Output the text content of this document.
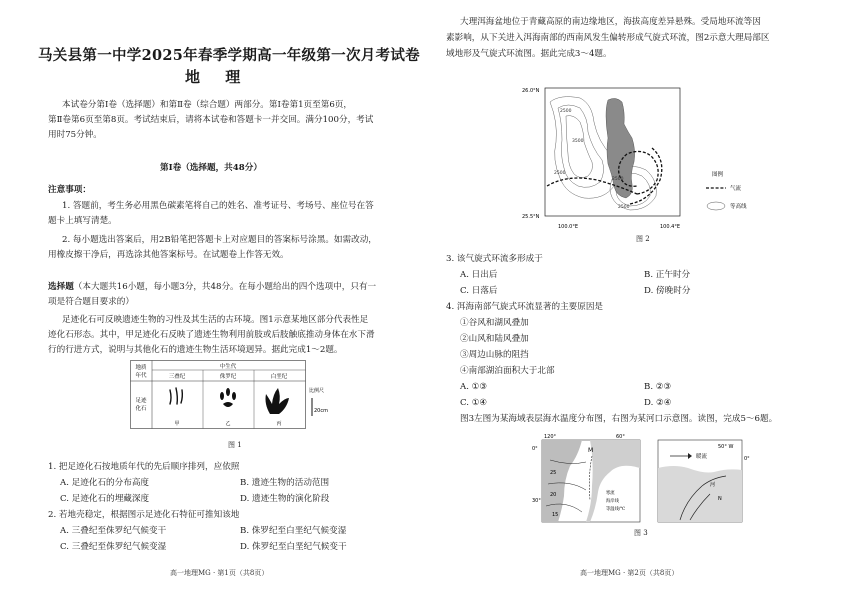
马关县第一中学2025年春季学期高一年级第一次月考试卷
地 理
本试卷分第Ⅰ卷（选择题）和第Ⅱ卷（综合题）两部分。第Ⅰ卷第1页至第6页，
第Ⅱ卷第6页至第8页。考试结束后，请将本试卷和答题卡一并交回。满分100分，考试
用时75分钟。
第Ⅰ卷（选择题，共48分）
注意事项：
1. 答题前，考生务必用黑色碳素笔将自己的姓名、准考证号、考场号、座位号在答
题卡上填写清楚。
2. 每小题选出答案后，用2B铅笔把答题卡上对应题目的答案标号涂黑。如需改动，
用橡皮擦干净后，再选涂其他答案标号。在试题卷上作答无效。
选择题（本大题共16小题，每小题3分，共48分。在每小题给出的四个选项中，只有一
项是符合题目要求的）
足迹化石可反映遗迹生物的习性及其生活的古环境。图1示意某地区部分代表性足
迹化石形态。其中，甲足迹化石反映了遗迹生物利用前肢或后肢触底推动身体在水下滑
行的行进方式，说明与其他化石的遗迹生物生活环境迥异。据此完成1～2题。
地质
年代
中生代
三叠纪	侏罗纪	白垩纪
足迹
化石
甲	乙	丙
比例尺
20cm
图 1
1. 把足迹化石按地质年代的先后顺序排列，应依照
A. 足迹化石的分布高度	B. 遗迹生物的活动范围
C. 足迹化石的埋藏深度	D. 遗迹生物的演化阶段
2. 若地壳稳定，根据图示足迹化石特征可推知该地
A. 三叠纪至侏罗纪气候变干	B. 侏罗纪至白垩纪气候变湿
C. 三叠纪至侏罗纪气候变湿	D. 侏罗纪至白垩纪气候变干
高一地理MG · 第1页（共8页）
大理洱海盆地位于青藏高原的南边缘地区，海拔高度差异悬殊。受局地环流等因
素影响，从下关进入洱海南部的西南风发生偏转形成气旋式环流，图2示意大理局部区
域地形及气旋式环流图。据此完成3～4题。
26.0°N
25.5°N
100.0°E	100.4°E
洱海
2500
3500
2500
2500
2500
图例
气流
等高线
图 2
3. 该气旋式环流多形成于
A. 日出后	B. 正午时分
C. 日落后	D. 傍晚时分
4. 洱海南部气旋式环流显著的主要原因是
①谷风和湖风叠加
②山风和陆风叠加
③周边山脉的阻挡
④南部湖泊面积大于北部
A. ①③	B. ②③
C. ①④	D. ②④
图3左图为某海域表层海水温度分布图，右图为某河口示意图。读图，完成5～6题。
120°	60°
0°
30°
25
20
15
M
寒流
海岸线
等温线/℃
暖流
河
N
50° W
0°
图 3
高一地理MG · 第2页（共8页）
